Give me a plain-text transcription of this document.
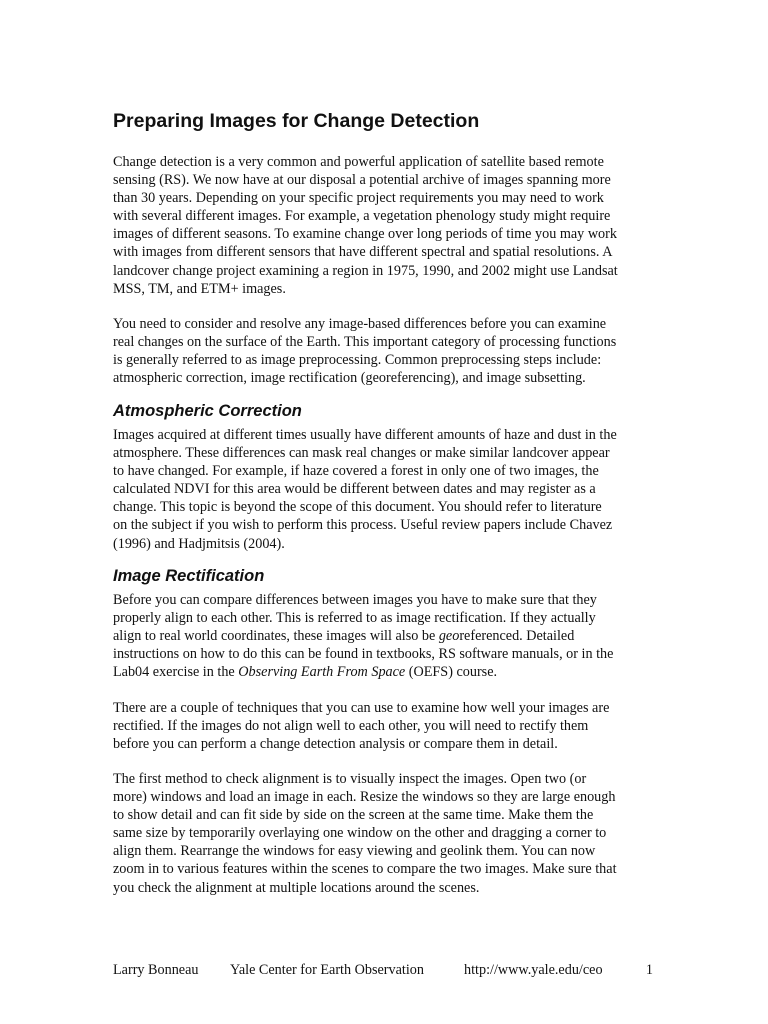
Preparing Images for Change Detection

Change detection is a very common and powerful application of satellite based remote
sensing (RS). We now have at our disposal a potential archive of images spanning more
than 30 years. Depending on your specific project requirements you may need to work
with several different images. For example, a vegetation phenology study might require
images of different seasons. To examine change over long periods of time you may work
with images from different sensors that have different spectral and spatial resolutions. A
landcover change project examining a region in 1975, 1990, and 2002 might use Landsat
MSS, TM, and ETM+ images.

You need to consider and resolve any image-based differences before you can examine
real changes on the surface of the Earth. This important category of processing functions
is generally referred to as image preprocessing. Common preprocessing steps include:
atmospheric correction, image rectification (georeferencing), and image subsetting.

Atmospheric Correction

Images acquired at different times usually have different amounts of haze and dust in the
atmosphere. These differences can mask real changes or make similar landcover appear
to have changed. For example, if haze covered a forest in only one of two images, the
calculated NDVI for this area would be different between dates and may register as a
change. This topic is beyond the scope of this document. You should refer to literature
on the subject if you wish to perform this process. Useful review papers include Chavez
(1996) and Hadjmitsis (2004).

Image Rectification

Before you can compare differences between images you have to make sure that they
properly align to each other. This is referred to as image rectification. If they actually
align to real world coordinates, these images will also be georeferenced. Detailed
instructions on how to do this can be found in textbooks, RS software manuals, or in the
Lab04 exercise in the Observing Earth From Space (OEFS) course.

There are a couple of techniques that you can use to examine how well your images are
rectified. If the images do not align well to each other, you will need to rectify them
before you can perform a change detection analysis or compare them in detail.

The first method to check alignment is to visually inspect the images. Open two (or
more) windows and load an image in each. Resize the windows so they are large enough
to show detail and can fit side by side on the screen at the same time. Make them the
same size by temporarily overlaying one window on the other and dragging a corner to
align them. Rearrange the windows for easy viewing and geolink them. You can now
zoom in to various features within the scenes to compare the two images. Make sure that
you check the alignment at multiple locations around the scenes.

Larry Bonneau Yale Center for Earth Observation	http://www.yale.edu/ceo	1
